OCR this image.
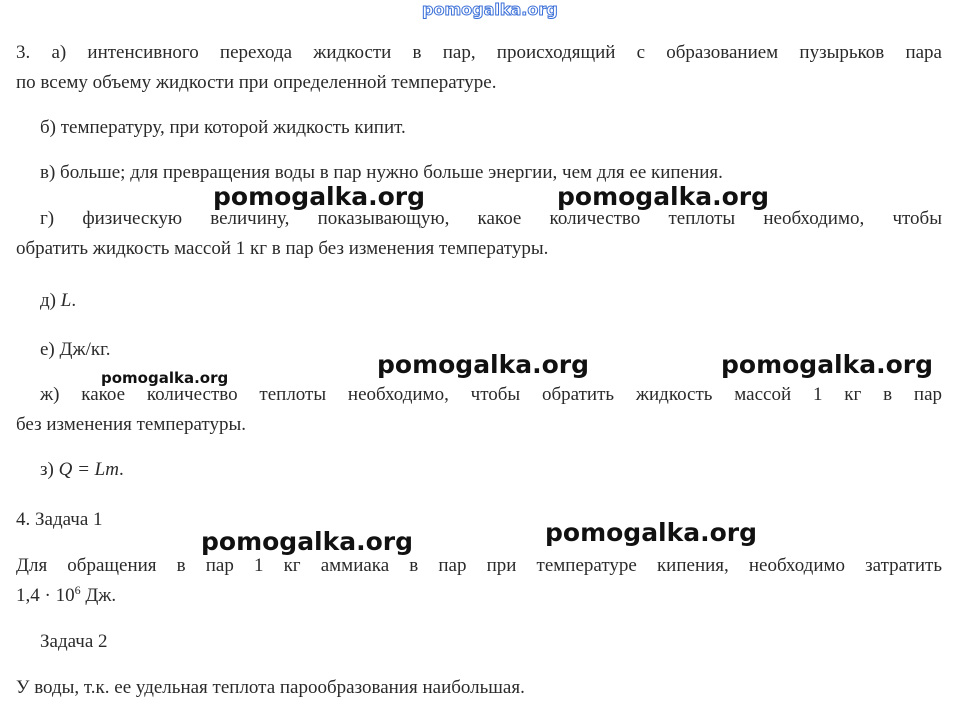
pomogalka.org
3. а) интенсивного перехода жидкости в пар, происходящий с образованием пузырьков пара
по всему объему жидкости при определенной температуре.
б) температуру, при которой жидкость кипит.
в) больше; для превращения воды в пар нужно больше энергии, чем для ее кипения.
г) физическую величину, показывающую, какое количество теплоты необходимо, чтобы
обратить жидкость массой 1 кг в пар без изменения температуры.
д) L.
е) Дж/кг.
ж) какое количество теплоты необходимо, чтобы обратить жидкость массой 1 кг в пар
без изменения температуры.
з) Q = Lm.
4. Задача 1
Для обращения в пар 1 кг аммиака в пар при температуре кипения, необходимо затратить
$1,4 \cdot 10^6$ Дж.
Задача 2
У воды, т.к. ее удельная теплота парообразования наибольшая.
pomogalka.org	pomogalka.org
pomogalka.org	pomogalka.org
pomogalka.org
pomogalka.org
pomogalka.org
